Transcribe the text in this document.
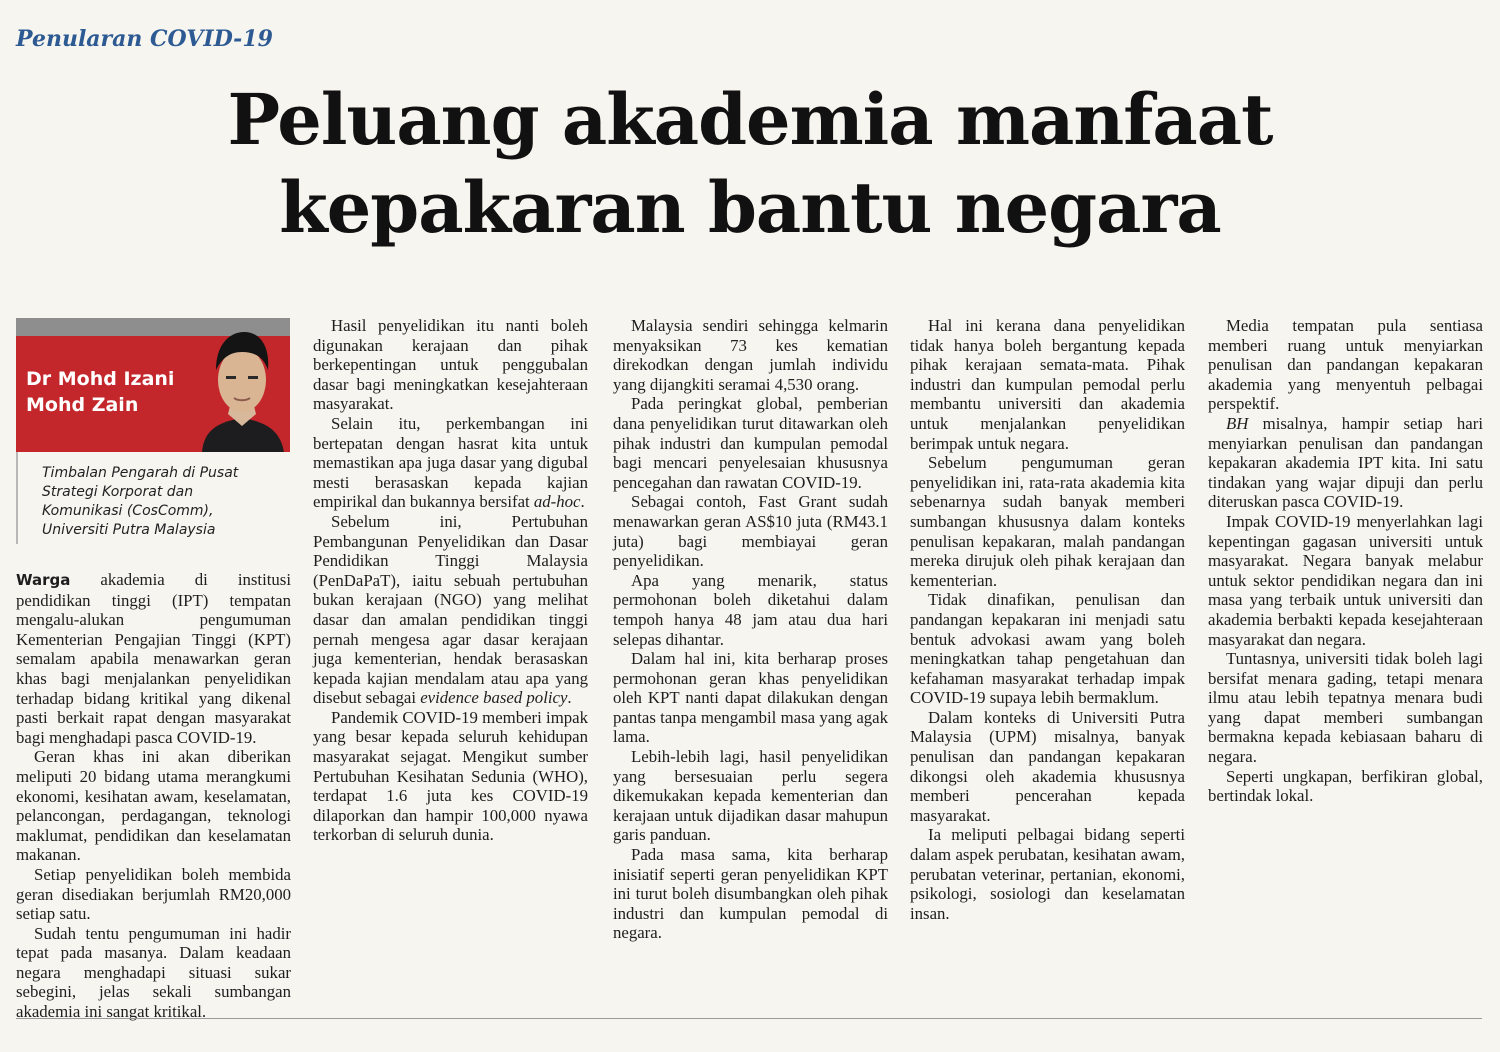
Penularan COVID-19
Peluang akademia manfaat
kepakaran bantu negara
Dr Mohd Izani
Mohd Zain
Timbalan Pengarah di Pusat
Strategi Korporat dan
Komunikasi (CosComm),
Universiti Putra Malaysia

Warga akademia di institusi pendidikan tinggi (IPT) tempatan mengalu-alukan pengumuman Kementerian Pengajian Tinggi (KPT) semalam apabila menawarkan geran khas bagi menjalankan penyelidikan terhadap bidang kritikal yang dikenal pasti berkait rapat dengan masyarakat bagi menghadapi pasca COVID-19.

Geran khas ini akan diberikan meliputi 20 bidang utama merangkumi ekonomi, kesihatan awam, keselamatan, pelancongan, perdagangan, teknologi maklumat, pendidikan dan keselamatan makanan.

Setiap penyelidikan boleh membida geran disediakan berjumlah RM20,000 setiap satu.

Sudah tentu pengumuman ini hadir tepat pada masanya. Dalam keadaan negara menghadapi situasi sukar sebegini, jelas sekali sumbangan akademia ini sangat kritikal.

Hasil penyelidikan itu nanti boleh digunakan kerajaan dan pihak berkepentingan untuk penggubalan dasar bagi meningkatkan kesejahteraan masyarakat.

Selain itu, perkembangan ini bertepatan dengan hasrat kita untuk memastikan apa juga dasar yang digubal mesti berasaskan kepada kajian empirikal dan bukannya bersifat ad-hoc.

Sebelum ini, Pertubuhan Pembangunan Penyelidikan dan Dasar Pendidikan Tinggi Malaysia (PenDaPaT), iaitu sebuah pertubuhan bukan kerajaan (NGO) yang melihat dasar dan amalan pendidikan tinggi pernah mengesa agar dasar kerajaan juga kementerian, hendak berasaskan kepada kajian mendalam atau apa yang disebut sebagai evidence based policy.

Pandemik COVID-19 memberi impak yang besar kepada seluruh kehidupan masyarakat sejagat. Mengikut sumber Pertubuhan Kesihatan Sedunia (WHO), terdapat 1.6 juta kes COVID-19 dilaporkan dan hampir 100,000 nyawa terkorban di seluruh dunia.

Malaysia sendiri sehingga kelmarin menyaksikan 73 kes kematian direkodkan dengan jumlah individu yang dijangkiti seramai 4,530 orang.

Pada peringkat global, pemberian dana penyelidikan turut ditawarkan oleh pihak industri dan kumpulan pemodal bagi mencari penyelesaian khususnya pencegahan dan rawatan COVID-19.

Sebagai contoh, Fast Grant sudah menawarkan geran AS$10 juta (RM43.1 juta) bagi membiayai geran penyelidikan.

Apa yang menarik, status permohonan boleh diketahui dalam tempoh hanya 48 jam atau dua hari selepas dihantar.

Dalam hal ini, kita berharap proses permohonan geran khas penyelidikan oleh KPT nanti dapat dilakukan dengan pantas tanpa mengambil masa yang agak lama.

Lebih-lebih lagi, hasil penyelidikan yang bersesuaian perlu segera dikemukakan kepada kementerian dan kerajaan untuk dijadikan dasar mahupun garis panduan.

Pada masa sama, kita berharap inisiatif seperti geran penyelidikan KPT ini turut boleh disumbangkan oleh pihak industri dan kumpulan pemodal di negara.

Hal ini kerana dana penyelidikan tidak hanya boleh bergantung kepada pihak kerajaan semata-mata. Pihak industri dan kumpulan pemodal perlu membantu universiti dan akademia untuk menjalankan penyelidikan berimpak untuk negara.

Sebelum pengumuman geran penyelidikan ini, rata-rata akademia kita sebenarnya sudah banyak memberi sumbangan khususnya dalam konteks penulisan kepakaran, malah pandangan mereka dirujuk oleh pihak kerajaan dan kementerian.

Tidak dinafikan, penulisan dan pandangan kepakaran ini menjadi satu bentuk advokasi awam yang boleh meningkatkan tahap pengetahuan dan kefahaman masyarakat terhadap impak COVID-19 supaya lebih bermaklum.

Dalam konteks di Universiti Putra Malaysia (UPM) misalnya, banyak penulisan dan pandangan kepakaran dikongsi oleh akademia khususnya memberi pencerahan kepada masyarakat.

Ia meliputi pelbagai bidang seperti dalam aspek perubatan, kesihatan awam, perubatan veterinar, pertanian, ekonomi, psikologi, sosiologi dan keselamatan insan.

Media tempatan pula sentiasa memberi ruang untuk menyiarkan penulisan dan pandangan kepakaran akademia yang menyentuh pelbagai perspektif.

BH misalnya, hampir setiap hari menyiarkan penulisan dan pandangan kepakaran akademia IPT kita. Ini satu tindakan yang wajar dipuji dan perlu diteruskan pasca COVID-19.

Impak COVID-19 menyerlahkan lagi kepentingan gagasan universiti untuk masyarakat. Negara banyak melabur untuk sektor pendidikan negara dan ini masa yang terbaik untuk universiti dan akademia berbakti kepada kesejahteraan masyarakat dan negara.

Tuntasnya, universiti tidak boleh lagi bersifat menara gading, tetapi menara ilmu atau lebih tepatnya menara budi yang dapat memberi sumbangan bermakna kepada kebiasaan baharu di negara.

Seperti ungkapan, berfikiran global, bertindak lokal.
